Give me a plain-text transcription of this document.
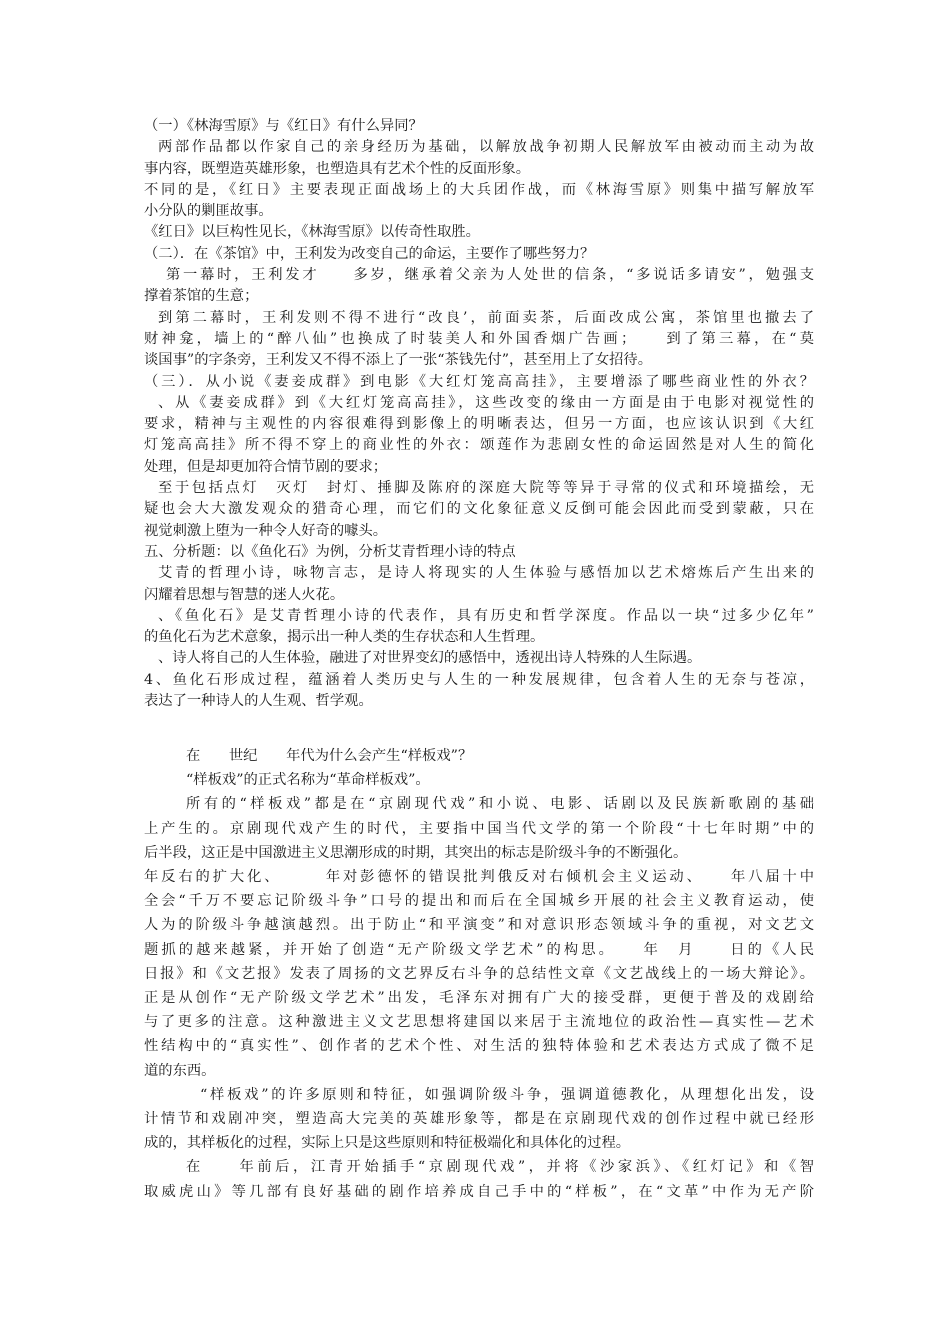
（一）《林海雪原》与《红日》有什么异同？

两部作品都以作家自己的亲身经历为基础，以解放战争初期人民解放军由被动而主动为故

事内容，既塑造英雄形象，也塑造具有艺术个性的反面形象。

不同的是，《红日》主要表现正面战场上的大兵团作战，而《林海雪原》则集中描写解放军

小分队的剿匪故事。

《红日》以巨构性见长，《林海雪原》以传奇性取胜。

（二）．在《茶馆》中，王利发为改变自己的命运，主要作了哪些努力？

第一幕时，王利发才　　多岁，继承着父亲为人处世的信条，“多说话多请安”，勉强支

撑着茶馆的生意；

到第二幕时，王利发则不得不进行“改良’，前面卖茶，后面改成公寓，茶馆里也撤去了

财神龛，墙上的“醉八仙”也换成了时装美人和外国香烟广告画；　　到了第三幕，在“莫

谈国事”的字条旁，王利发又不得不添上了一张“茶钱先付”，甚至用上了女招待。

（三）．从小说《妻妾成群》到电影《大红灯笼高高挂》，主要增添了哪些商业性的外衣？

、从《妻妾成群》到《大红灯笼高高挂》，这些改变的缘由一方面是由于电影对视觉性的

要求，精神与主观性的内容很难得到影像上的明晰表达，但另一方面，也应该认识到《大红

灯笼高高挂》所不得不穿上的商业性的外衣：颂莲作为悲剧女性的命运固然是对人生的简化

处理，但是却更加符合情节剧的要求；

至于包括点灯　灭灯　封灯、捶脚及陈府的深庭大院等等异于寻常的仪式和环境描绘，无

疑也会大大激发观众的猎奇心理，而它们的文化象征意义反倒可能会因此而受到蒙蔽，只在

视觉刺激上堕为一种令人好奇的噱头。

五、分析题：以《鱼化石》为例，分析艾青哲理小诗的特点

艾青的哲理小诗，咏物言志，是诗人将现实的人生体验与感悟加以艺术熔炼后产生出来的

闪耀着思想与智慧的迷人火花。

、《鱼化石》是艾青哲理小诗的代表作，具有历史和哲学深度。作品以一块“过多少亿年”

的鱼化石为艺术意象，揭示出一种人类的生存状态和人生哲理。

、诗人将自己的人生体验，融进了对世界变幻的感悟中，透视出诗人特殊的人生际遇。

4、鱼化石形成过程，蕴涵着人类历史与人生的一种发展规律，包含着人生的无奈与苍凉，

表达了一种诗人的人生观、哲学观。

在　　世纪　　年代为什么会产生“样板戏”？

“样板戏”的正式名称为“革命样板戏”。

所有的“样板戏”都是在“京剧现代戏”和小说、电影、话剧以及民族新歌剧的基础

上产生的。京剧现代戏产生的时代，主要指中国当代文学的第一个阶段“十七年时期”中的

后半段，这正是中国激进主义思潮形成的时期，其突出的标志是阶级斗争的不断强化。

年反右的扩大化、　　　年对彭德怀的错误批判俄反对右倾机会主义运动、　　年八届十中

全会“千万不要忘记阶级斗争”口号的提出和而后在全国城乡开展的社会主义教育运动，使

人为的阶级斗争越演越烈。出于防止“和平演变”和对意识形态领域斗争的重视，对文艺文

题抓的越来越紧，并开始了创造“无产阶级文学艺术”的构思。　　年　月　　日的《人民

日报》和《文艺报》发表了周扬的文艺界反右斗争的总结性文章《文艺战线上的一场大辩论》。

正是从创作“无产阶级文学艺术”出发，毛泽东对拥有广大的接受群，更便于普及的戏剧给

与了更多的注意。这种激进主义文艺思想将建国以来居于主流地位的政治性—真实性—艺术

性结构中的“真实性”、创作者的艺术个性、对生活的独特体验和艺术表达方式成了微不足

道的东西。

“样板戏”的许多原则和特征，如强调阶级斗争，强调道德教化，从理想化出发，设

计情节和戏剧冲突，塑造高大完美的英雄形象等，都是在京剧现代戏的创作过程中就已经形

成的，其样板化的过程，实际上只是这些原则和特征极端化和具体化的过程。

在　　年前后，江青开始插手“京剧现代戏”，并将《沙家浜》、《红灯记》和《智

取威虎山》等几部有良好基础的剧作培养成自己手中的“样板”，在“文革”中作为无产阶
